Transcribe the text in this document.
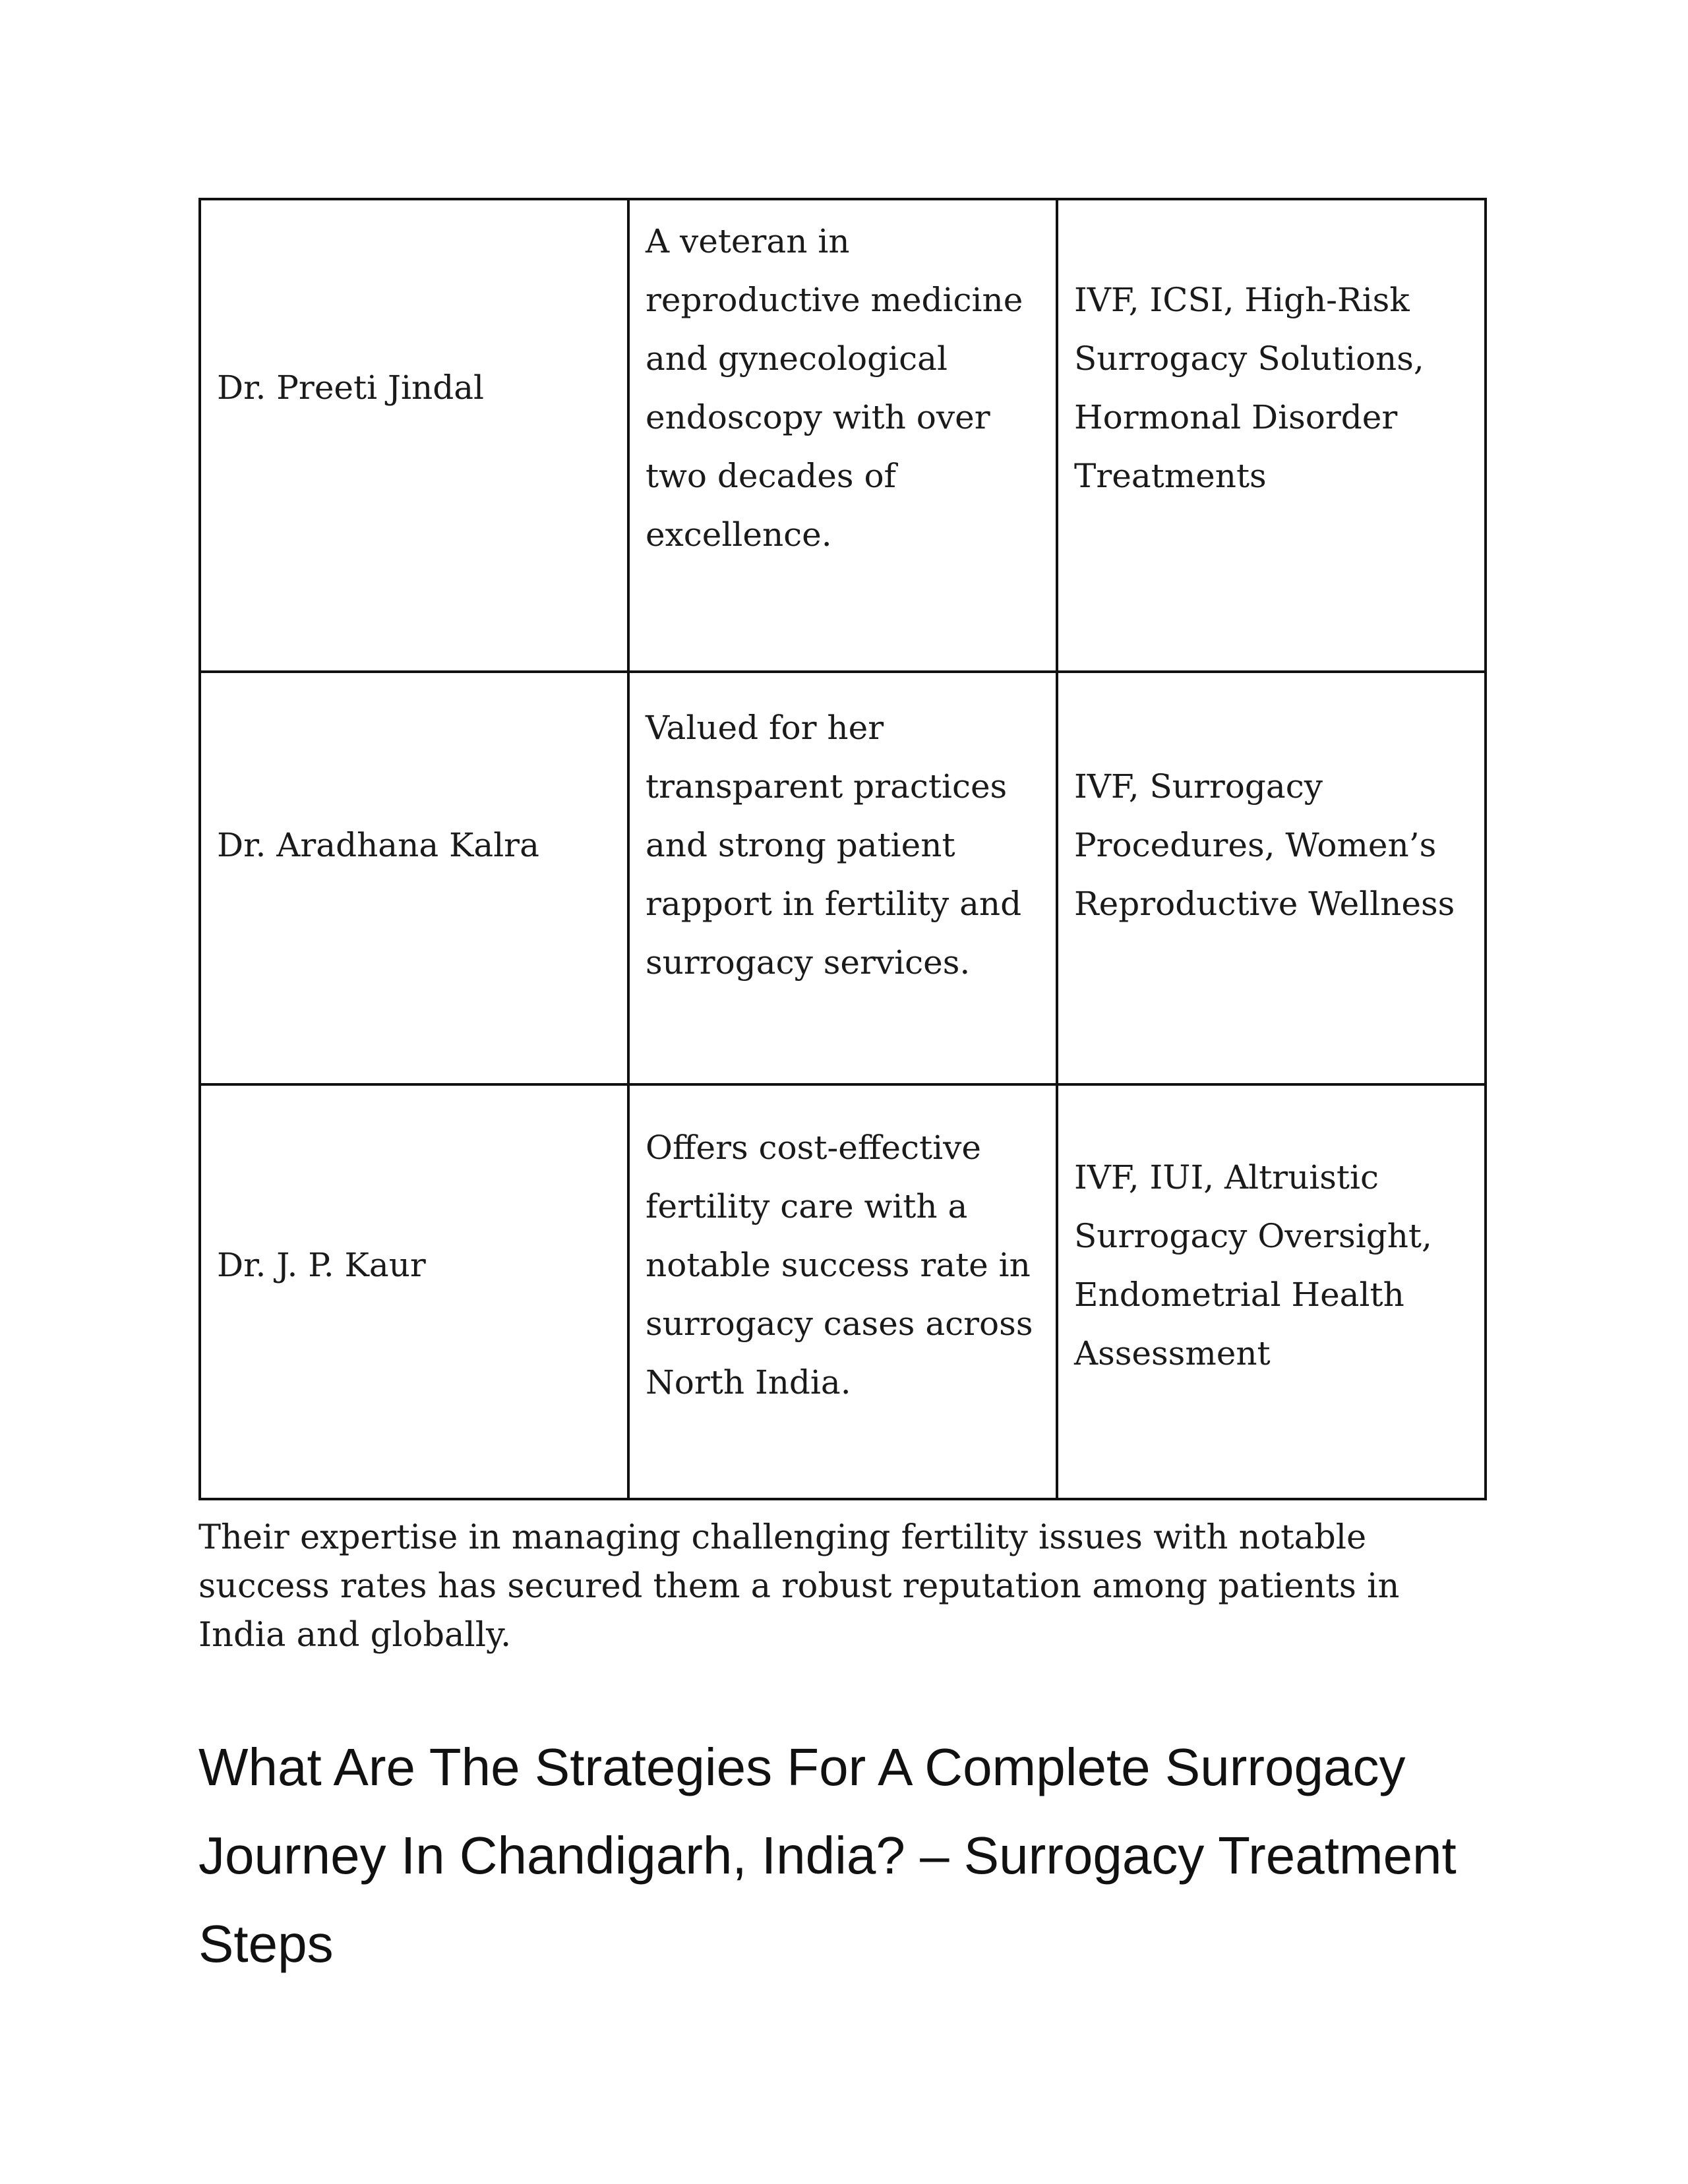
Dr. Preeti Jindal	A veteran in reproductive medicine and gynecological endoscopy with over two decades of excellence.	IVF, ICSI, High-Risk Surrogacy Solutions, Hormonal Disorder Treatments

Dr. Aradhana Kalra	Valued for her transparent practices and strong patient rapport in fertility and surrogacy services.	IVF, Surrogacy Procedures, Women’s Reproductive Wellness

Dr. J. P. Kaur	Offers cost-effective fertility care with a notable success rate in surrogacy cases across North India.	IVF, IUI, Altruistic Surrogacy Oversight, Endometrial Health Assessment

Their expertise in managing challenging fertility issues with notable success rates has secured them a robust reputation among patients in India and globally.

What Are The Strategies For A Complete Surrogacy Journey In Chandigarh, India? – Surrogacy Treatment Steps
